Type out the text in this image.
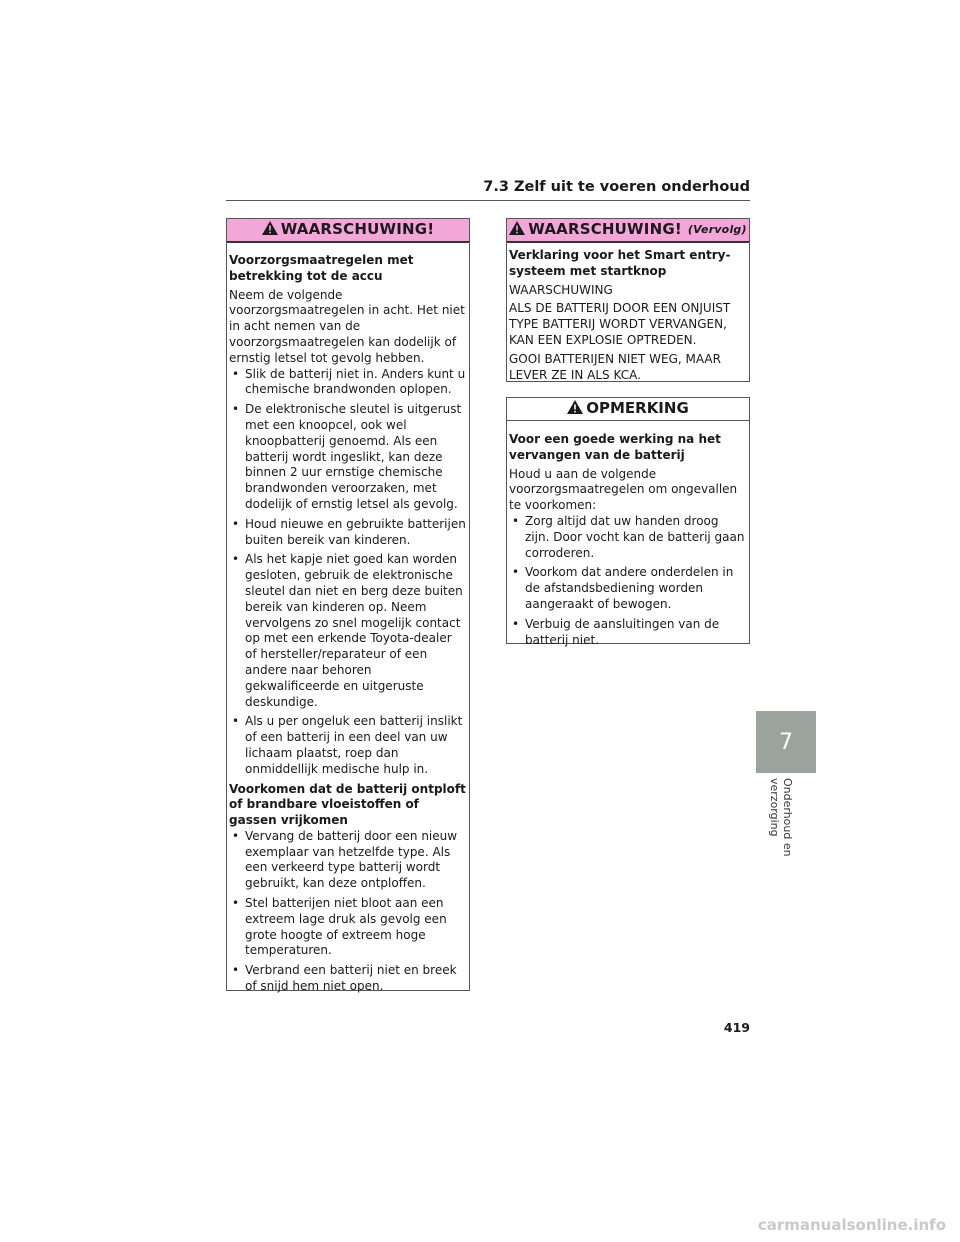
7.3 Zelf uit te voeren onderhoud
WAARSCHUWING!

Voorzorgsmaatregelen met betrekking tot de accu

Neem de volgende voorzorgsmaatregelen in acht. Het niet in acht nemen van de voorzorgsmaatregelen kan dodelijk of ernstig letsel tot gevolg hebben.

• Slik de batterij niet in. Anders kunt u chemische brandwonden oplopen.
• De elektronische sleutel is uitgerust met een knoopcel, ook wel knoopbatterij genoemd. Als een batterij wordt ingeslikt, kan deze binnen 2 uur ernstige chemische brandwonden veroorzaken, met dodelijk of ernstig letsel als gevolg.
• Houd nieuwe en gebruikte batterijen buiten bereik van kinderen.
• Als het kapje niet goed kan worden gesloten, gebruik de elektronische sleutel dan niet en berg deze buiten bereik van kinderen op. Neem vervolgens zo snel mogelijk contact op met een erkende Toyota-dealer of hersteller/reparateur of een andere naar behoren gekwalificeerde en uitgeruste deskundige.
• Als u per ongeluk een batterij inslikt of een batterij in een deel van uw lichaam plaatst, roep dan onmiddellijk medische hulp in.

Voorkomen dat de batterij ontploft of brandbare vloeistoffen of gassen vrijkomen

• Vervang de batterij door een nieuw exemplaar van hetzelfde type. Als een verkeerd type batterij wordt gebruikt, kan deze ontploffen.
• Stel batterijen niet bloot aan een extreem lage druk als gevolg een grote hoogte of extreem hoge temperaturen.
• Verbrand een batterij niet en breek of snijd hem niet open.
WAARSCHUWING! (Vervolg)

Verklaring voor het Smart entry-systeem met startknop

WAARSCHUWING

ALS DE BATTERIJ DOOR EEN ONJUIST TYPE BATTERIJ WORDT VERVANGEN, KAN EEN EXPLOSIE OPTREDEN.

GOOI BATTERIJEN NIET WEG, MAAR LEVER ZE IN ALS KCA.

OPMERKING

Voor een goede werking na het vervangen van de batterij

Houd u aan de volgende voorzorgsmaatregelen om ongevallen te voorkomen:

• Zorg altijd dat uw handen droog zijn. Door vocht kan de batterij gaan corroderen.
• Voorkom dat andere onderdelen in de afstandsbediening worden aangeraakt of bewogen.
• Verbuig de aansluitingen van de batterij niet.
7
Onderhoud en verzorging
419
carmanualsonline.info
